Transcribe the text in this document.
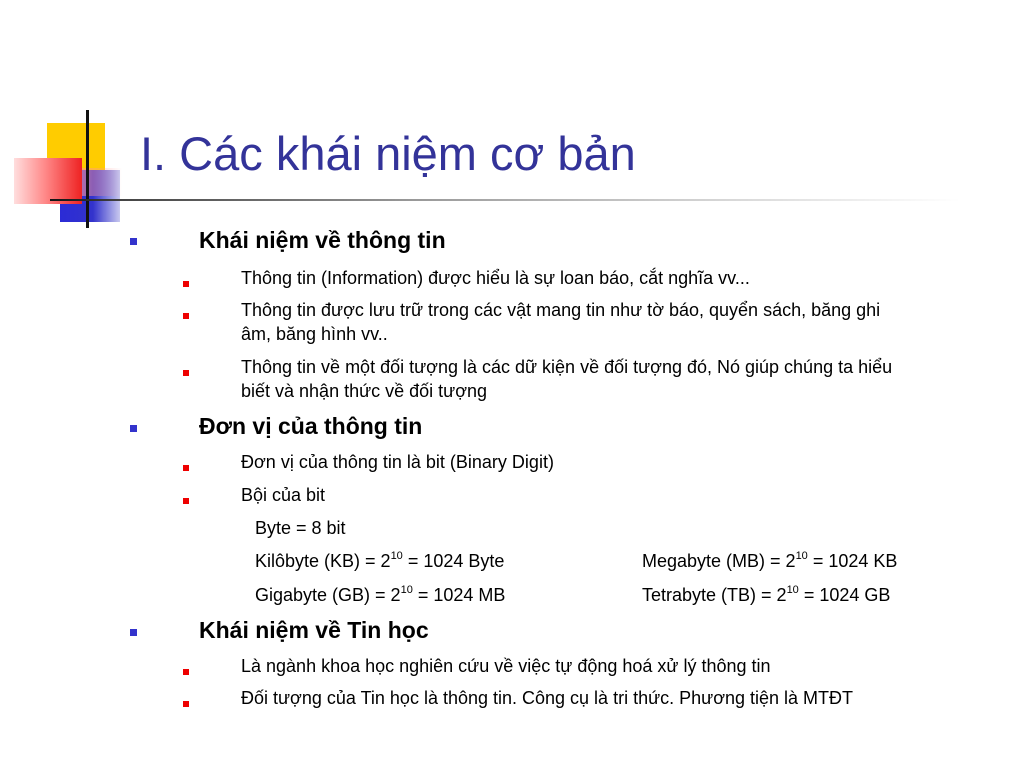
I. Các khái niệm cơ bản
Khái niệm về thông tin
Thông tin (Information) được hiểu là sự loan báo, cắt nghĩa vv...
Thông tin được lưu trữ trong các vật mang tin như tờ báo, quyển sách, băng ghi
âm, băng hình vv..
Thông tin về một đối tượng là các dữ kiện về đối tượng đó, Nó giúp chúng ta hiểu
biết và nhận thức về đối tượng
Đơn vị của thông tin
Đơn vị của thông tin là bit (Binary Digit)
Bội của bit
Byte = 8 bit
Kilôbyte $(KB) = 2^{10} = 1024$ Byte	Megabyte $(MB) = 2^{10} = 1024$ KB
Gigabyte $(GB) = 2^{10} = 1024$ MB	Tetrabyte $(TB) = 2^{10} = 1024$ GB
Khái niệm về Tin học
Là ngành khoa học nghiên cứu về việc tự động hoá xử lý thông tin
Đối tượng của Tin học là thông tin. Công cụ là tri thức. Phương tiện là MTĐT
